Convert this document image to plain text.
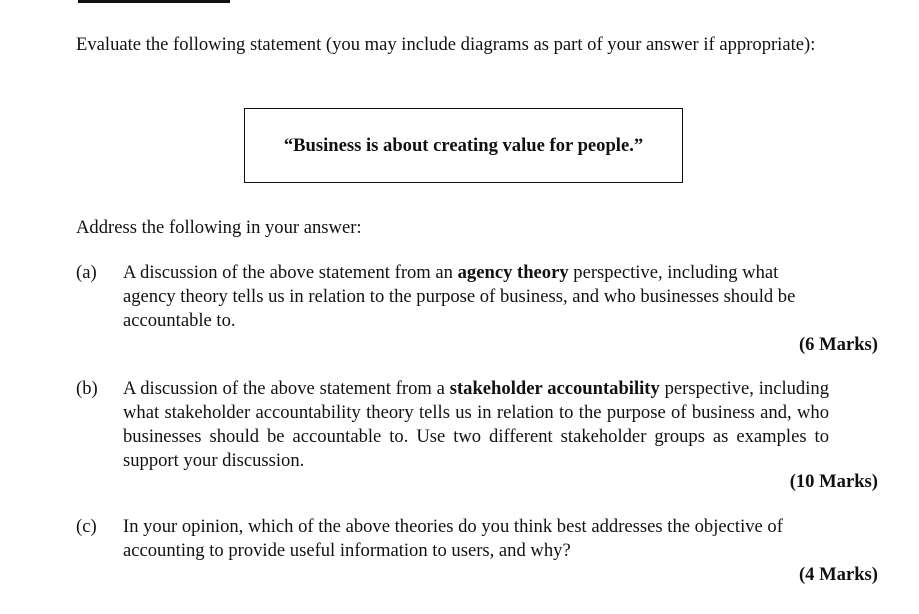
Evaluate the following statement (you may include diagrams as part of your answer if appropriate):

“Business is about creating value for people.”

Address the following in your answer:

(a) A discussion of the above statement from an agency theory perspective, including what agency theory tells us in relation to the purpose of business, and who businesses should be accountable to.

(6 Marks)
(b) A discussion of the above statement from a stakeholder accountability perspective, including what stakeholder accountability theory tells us in relation to the purpose of business and, who businesses should be accountable to. Use two different stakeholder groups as examples to support your discussion.

(10 Marks)
(c) In your opinion, which of the above theories do you think best addresses the objective of accounting to provide useful information to users, and why?

(4 Marks)
